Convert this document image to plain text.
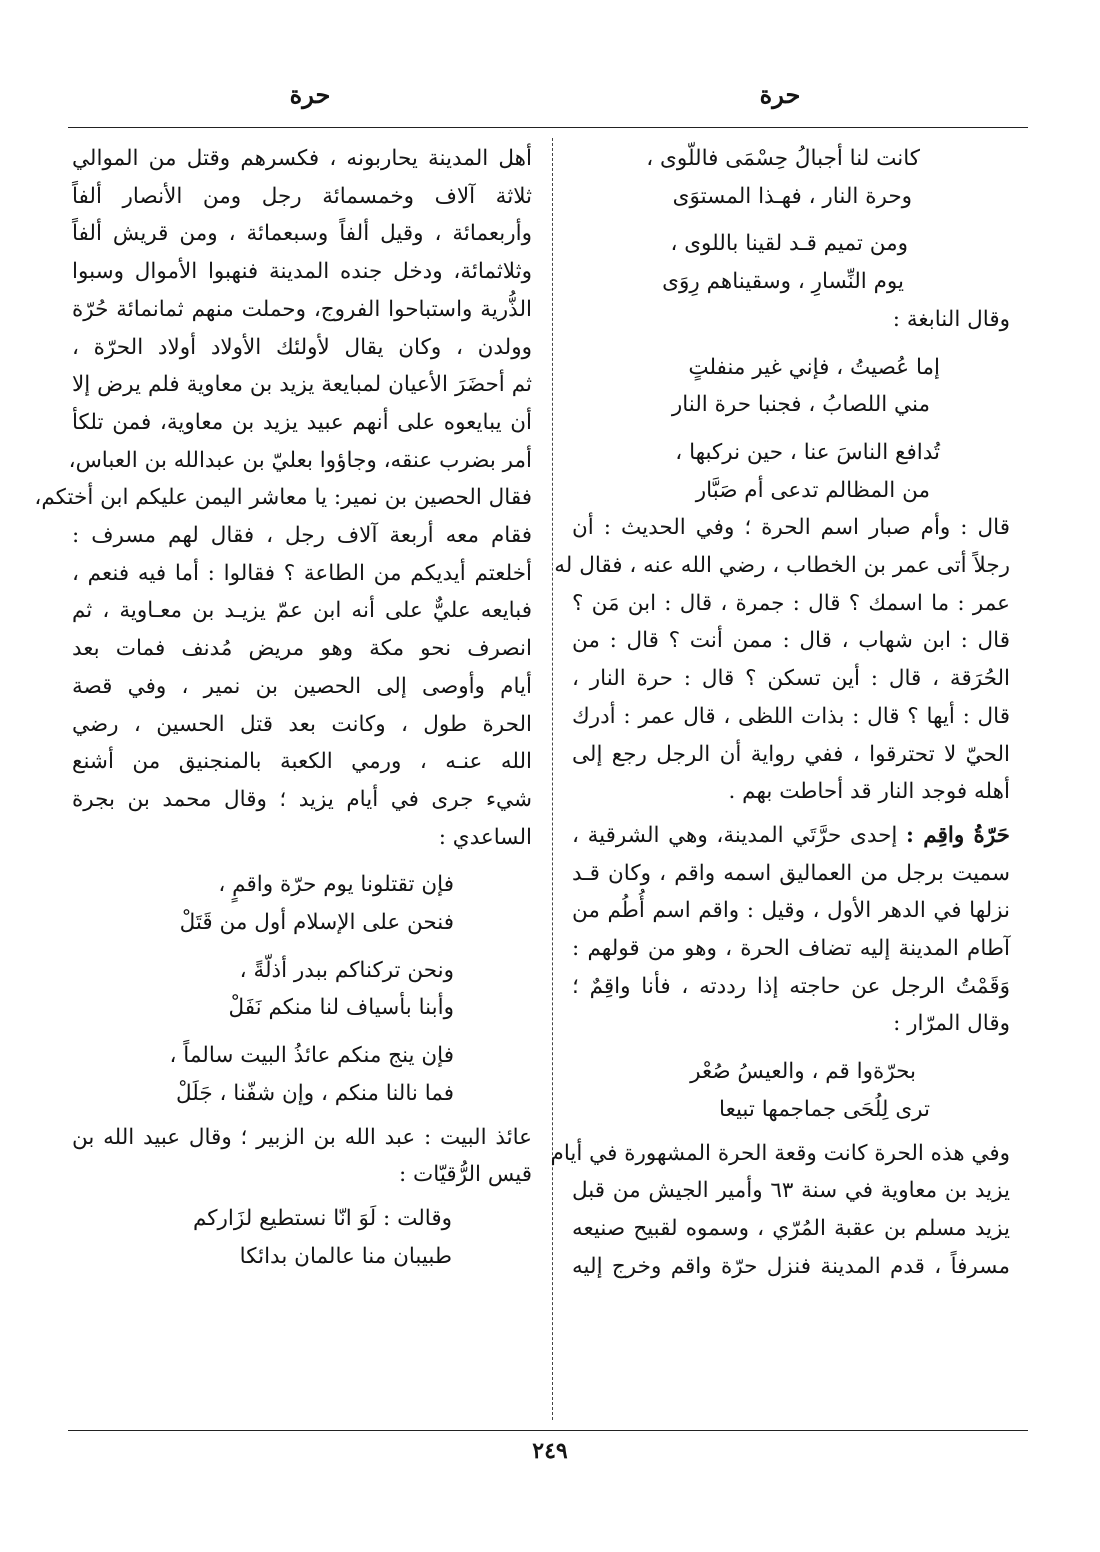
حرة
حرة
كانت لنا أجبالُ حِسْمَى فاللّوى ،
وحرة النار ، فهـذا المستوَى
ومن تميم قـد لقينا باللوى ،
يوم النِّسارِ ، وسقيناهم رِوَى
وقال النابغة :
إما عُصيتُ ، فإني غير منفلتٍ
مني اللصابُ ، فجنبا حرة النار
تُدافع الناسَ عنا ، حين نركبها ،
من المظالم تدعى أم صَبَّار
قال : وأم صبار اسم الحرة ؛ وفي الحديث : أن
رجلاً أتى عمر بن الخطاب ، رضي الله عنه ، فقال له
عمر : ما اسمك ؟ قال : جمرة ، قال : ابن مَن ؟
قال : ابن شهاب ، قال : ممن أنت ؟ قال : من
الحُرَقة ، قال : أين تسكن ؟ قال : حرة النار ،
قال : أيها ؟ قال : بذات اللظى ، قال عمر : أدرك
الحيّ لا تحترقوا ، ففي رواية أن الرجل رجع إلى
أهله فوجد النار قد أحاطت بهم .
حَرّةُ واقِم : إحدى حرَّتَي المدينة، وهي الشرقية ،
سميت برجل من العماليق اسمه واقم ، وكان قـد
نزلها في الدهر الأول ، وقيل : واقم اسم أُطُم من
آطام المدينة إليه تضاف الحرة ، وهو من قولهم :
وَقَمْتُ الرجل عن حاجته إذا رددته ، فأنا واقِمٌ ؛
وقال المرّار :
بحرّةوا قم ، والعيسُ صُعْر
ترى لِلُحَى جماجمها تبيعا
وفي هذه الحرة كانت وقعة الحرة المشهورة في أيام
يزيد بن معاوية في سنة ٦٣ وأمير الجيش من قبل
يزيد مسلم بن عقبة المُرّي ، وسموه لقبيح صنيعه
مسرفاً ، قدم المدينة فنزل حرّة واقم وخرج إليه
أهل المدينة يحاربونه ، فكسرهم وقتل من الموالي
ثلاثة آلاف وخمسمائة رجل ومن الأنصار ألفاً
وأربعمائة ، وقيل ألفاً وسبعمائة ، ومن قريش ألفاً
وثلاثمائة، ودخل جنده المدينة فنهبوا الأموال وسبوا
الذُّرية واستباحوا الفروج، وحملت منهم ثمانمائة حُرّة
وولدن ، وكان يقال لأولئك الأولاد أولاد الحرّة ،
ثم أحضَرَ الأعيان لمبايعة يزيد بن معاوية فلم يرض إلا
أن يبايعوه على أنهم عبيد يزيد بن معاوية، فمن تلكأ
أمر بضرب عنقه، وجاؤوا بعليّ بن عبدالله بن العباس،
فقال الحصين بن نمير: يا معاشر اليمن عليكم ابن أختكم،
فقام معه أربعة آلاف رجل ، فقال لهم مسرف :
أخلعتم أيديكم من الطاعة ؟ فقالوا : أما فيه فنعم ،
فبايعه عليٌّ على أنه ابن عمّ يزيـد بن معـاوية ، ثم
انصرف نحو مكة وهو مريض مُدنف فمات بعد
أيام وأوصى إلى الحصين بن نمير ، وفي قصة
الحرة طول ، وكانت بعد قتل الحسين ، رضي
الله عنـه ، ورمي الكعبة بالمنجنيق من أشنع
شيء جرى في أيام يزيد ؛ وقال محمد بن بجرة
الساعدي :
فإن تقتلونا يوم حرّة واقمٍ ،
فنحن على الإسلام أول من قَتَلْ
ونحن تركناكم ببدر أذلّةً ،
وأبنا بأسياف لنا منكم نَفَلْ
فإن ينج منكم عائذُ البيت سالماً ،
فما نالنا منكم ، وإن شفّنا ، جَلَلْ
عائذ البيت : عبد الله بن الزبير ؛ وقال عبيد الله بن
قيس الرُّقيّات :
وقالت : لَوَ انّا نستطيع لزَاركم
طبيبان منا عالمان بدائكا
٢٤٩
